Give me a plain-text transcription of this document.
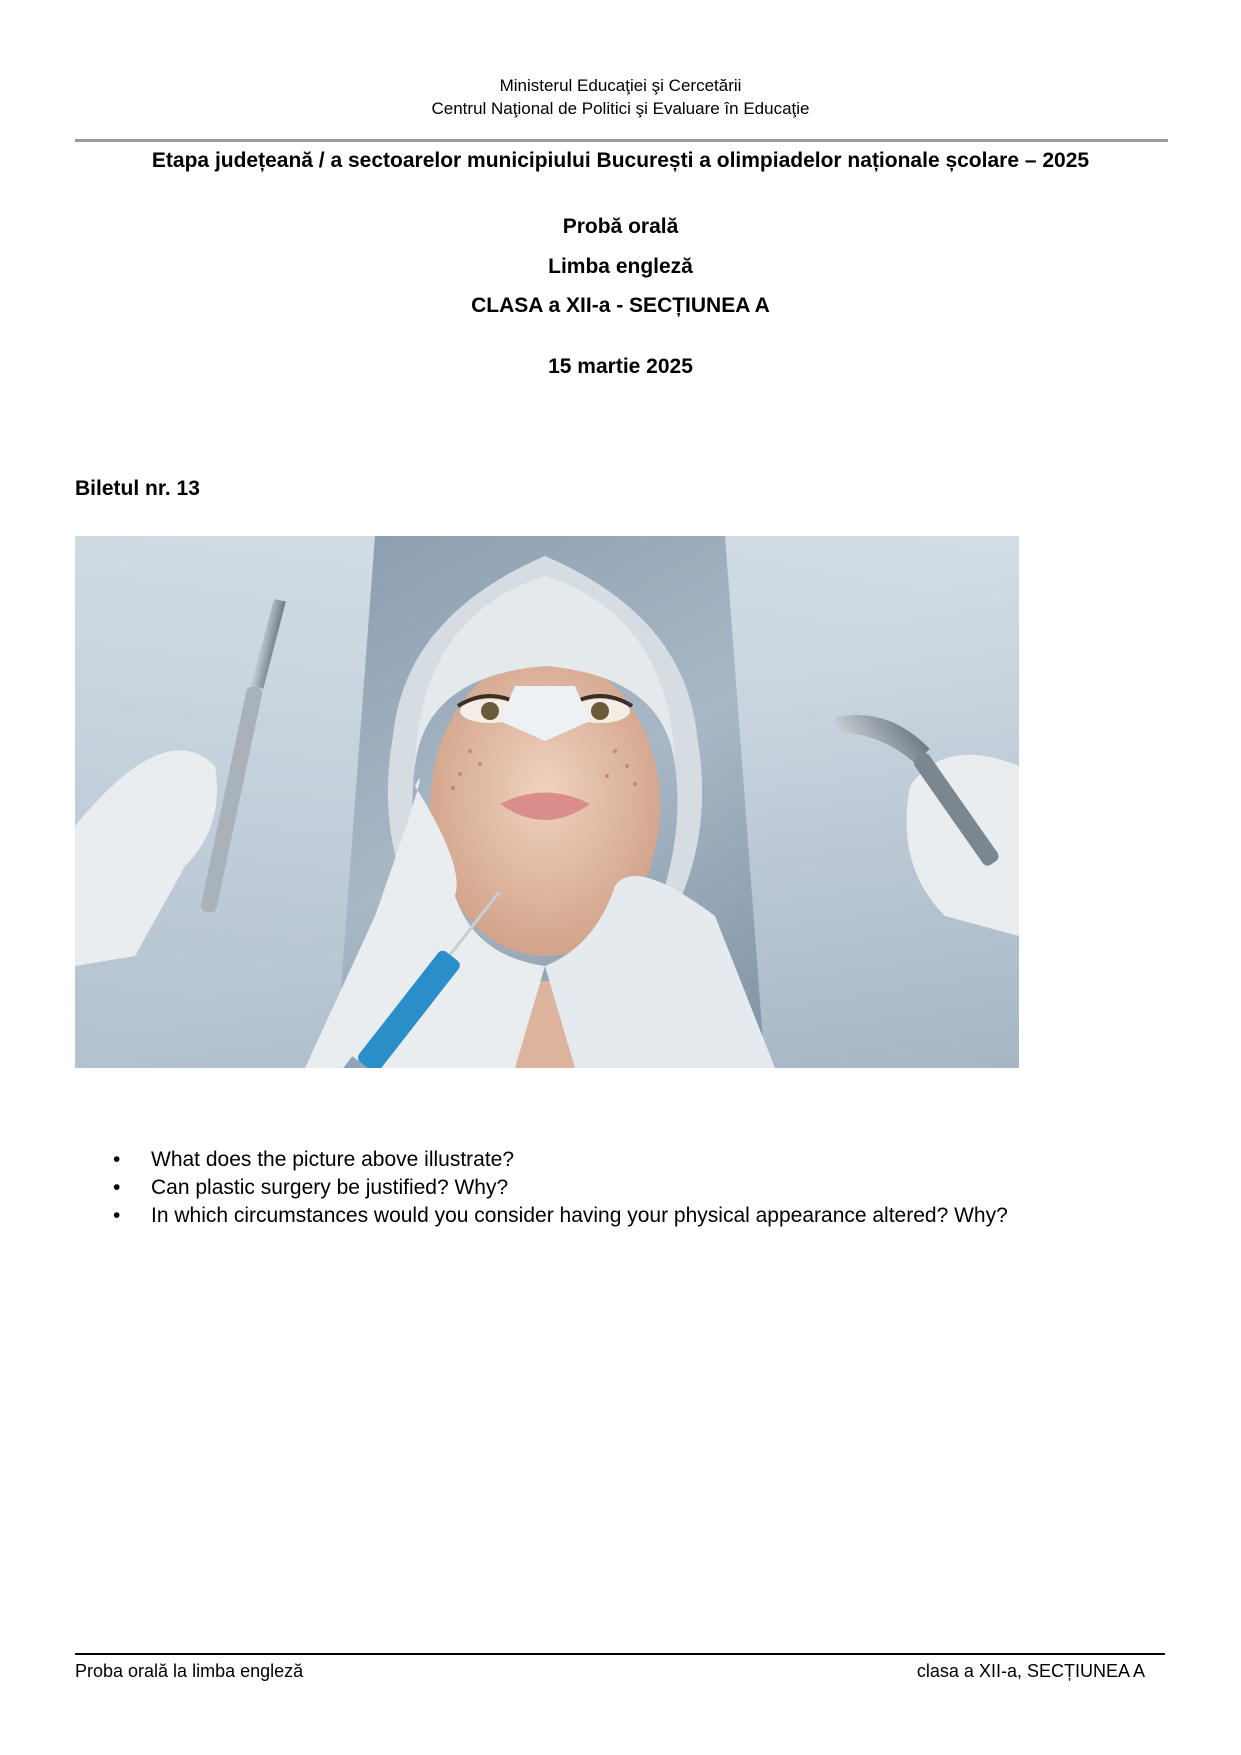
Ministerul Educaţiei şi Cercetării
Centrul Naţional de Politici şi Evaluare în Educaţie
Etapa județeană / a sectoarelor municipiului București a olimpiadelor naționale școlare – 2025
Probă orală
Limba engleză
CLASA a XII-a - SECȚIUNEA A
15 martie 2025
Biletul nr. 13
• What does the picture above illustrate?
• Can plastic surgery be justified? Why?
• In which circumstances would you consider having your physical appearance altered? Why?
Proba orală la limba engleză	clasa a XII-a, SECȚIUNEA A
